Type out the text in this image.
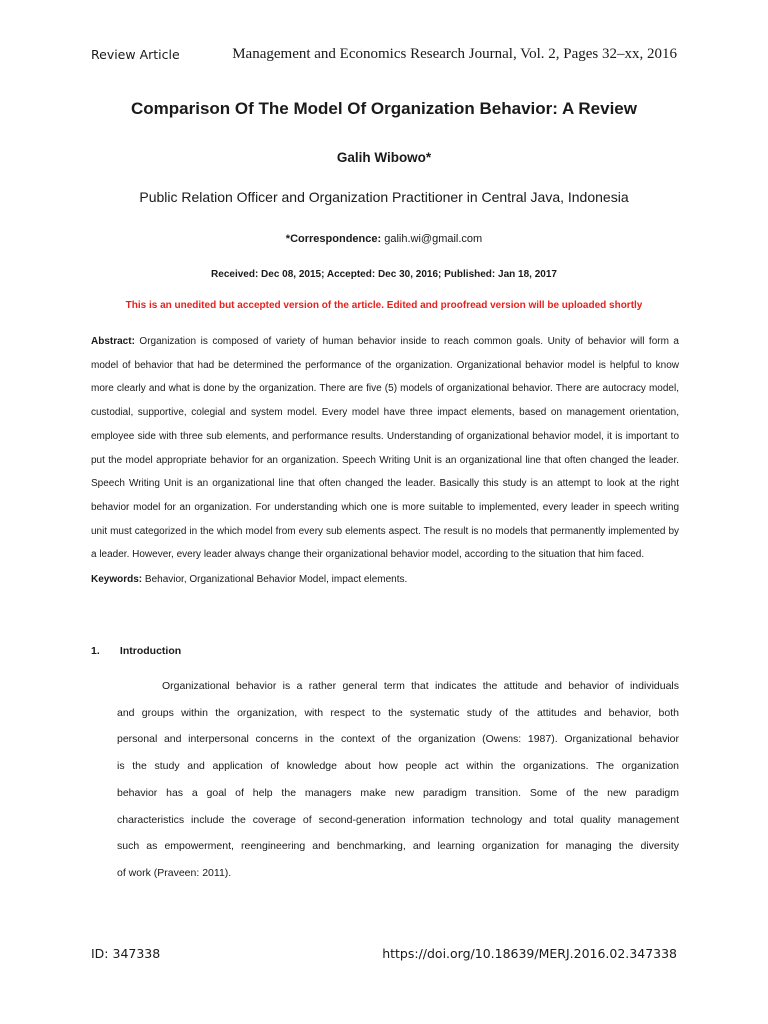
Review Article	Management and Economics Research Journal, Vol. 2, Pages 32–xx, 2016
Comparison Of The Model Of Organization Behavior: A Review
Galih Wibowo*
Public Relation Officer and Organization Practitioner in Central Java, Indonesia
*Correspondence: galih.wi@gmail.com
Received: Dec 08, 2015; Accepted: Dec 30, 2016; Published: Jan 18, 2017
This is an unedited but accepted version of the article. Edited and proofread version will be uploaded shortly
Abstract: Organization is composed of variety of human behavior inside to reach common goals. Unity of behavior will form a
model of behavior that had be determined the performance of the organization. Organizational behavior model is helpful to know
more clearly and what is done by the organization. There are five (5) models of organizational behavior. There are autocracy model,
custodial, supportive, colegial and system model. Every model have three impact elements, based on management orientation,
employee side with three sub elements, and performance results. Understanding of organizational behavior model, it is important to
put the model appropriate behavior for an organization. Speech Writing Unit is an organizational line that often changed the leader.
Speech Writing Unit is an organizational line that often changed the leader. Basically this study is an attempt to look at the right
behavior model for an organization. For understanding which one is more suitable to implemented, every leader in speech writing
unit must categorized in the which model from every sub elements aspect. The result is no models that permanently implemented by
a leader. However, every leader always change their organizational behavior model, according to the situation that him faced.
Keywords: Behavior, Organizational Behavior Model, impact elements.
1. Introduction
Organizational behavior is a rather general term that indicates the attitude and behavior of individuals
and groups within the organization, with respect to the systematic study of the attitudes and behavior, both
personal and interpersonal concerns in the context of the organization (Owens: 1987). Organizational behavior
is the study and application of knowledge about how people act within the organizations. The organization
behavior has a goal of help the managers make new paradigm transition. Some of the new paradigm
characteristics include the coverage of second-generation information technology and total quality management
such as empowerment, reengineering and benchmarking, and learning organization for managing the diversity
of work (Praveen: 2011).
ID: 347338	https://doi.org/10.18639/MERJ.2016.02.347338
